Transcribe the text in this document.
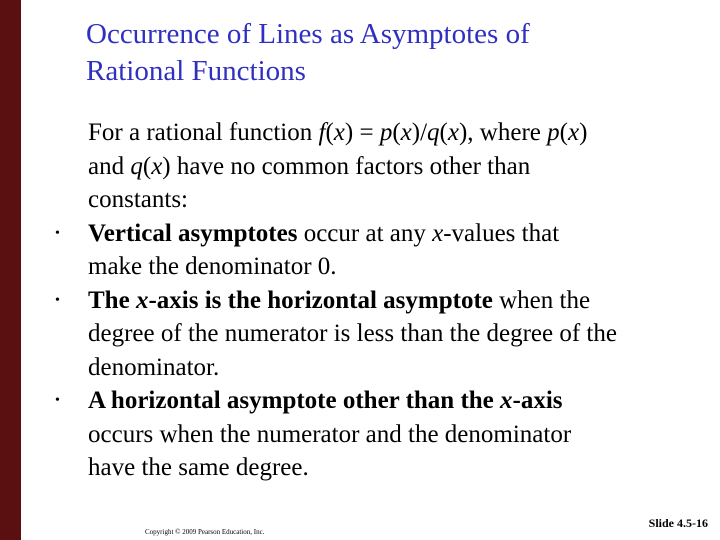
Occurrence of Lines as Asymptotes of
Rational Functions
For a rational function f(x) = p(x)/q(x), where p(x)
and q(x) have no common factors other than
constants:
• Vertical asymptotes occur at any x-values that
make the denominator 0.
• The x-axis is the horizontal asymptote when the
degree of the numerator is less than the degree of the
denominator.
• A horizontal asymptote other than the x-axis
occurs when the numerator and the denominator
have the same degree.
Copyright © 2009 Pearson Education, Inc.
Slide 4.5-16
